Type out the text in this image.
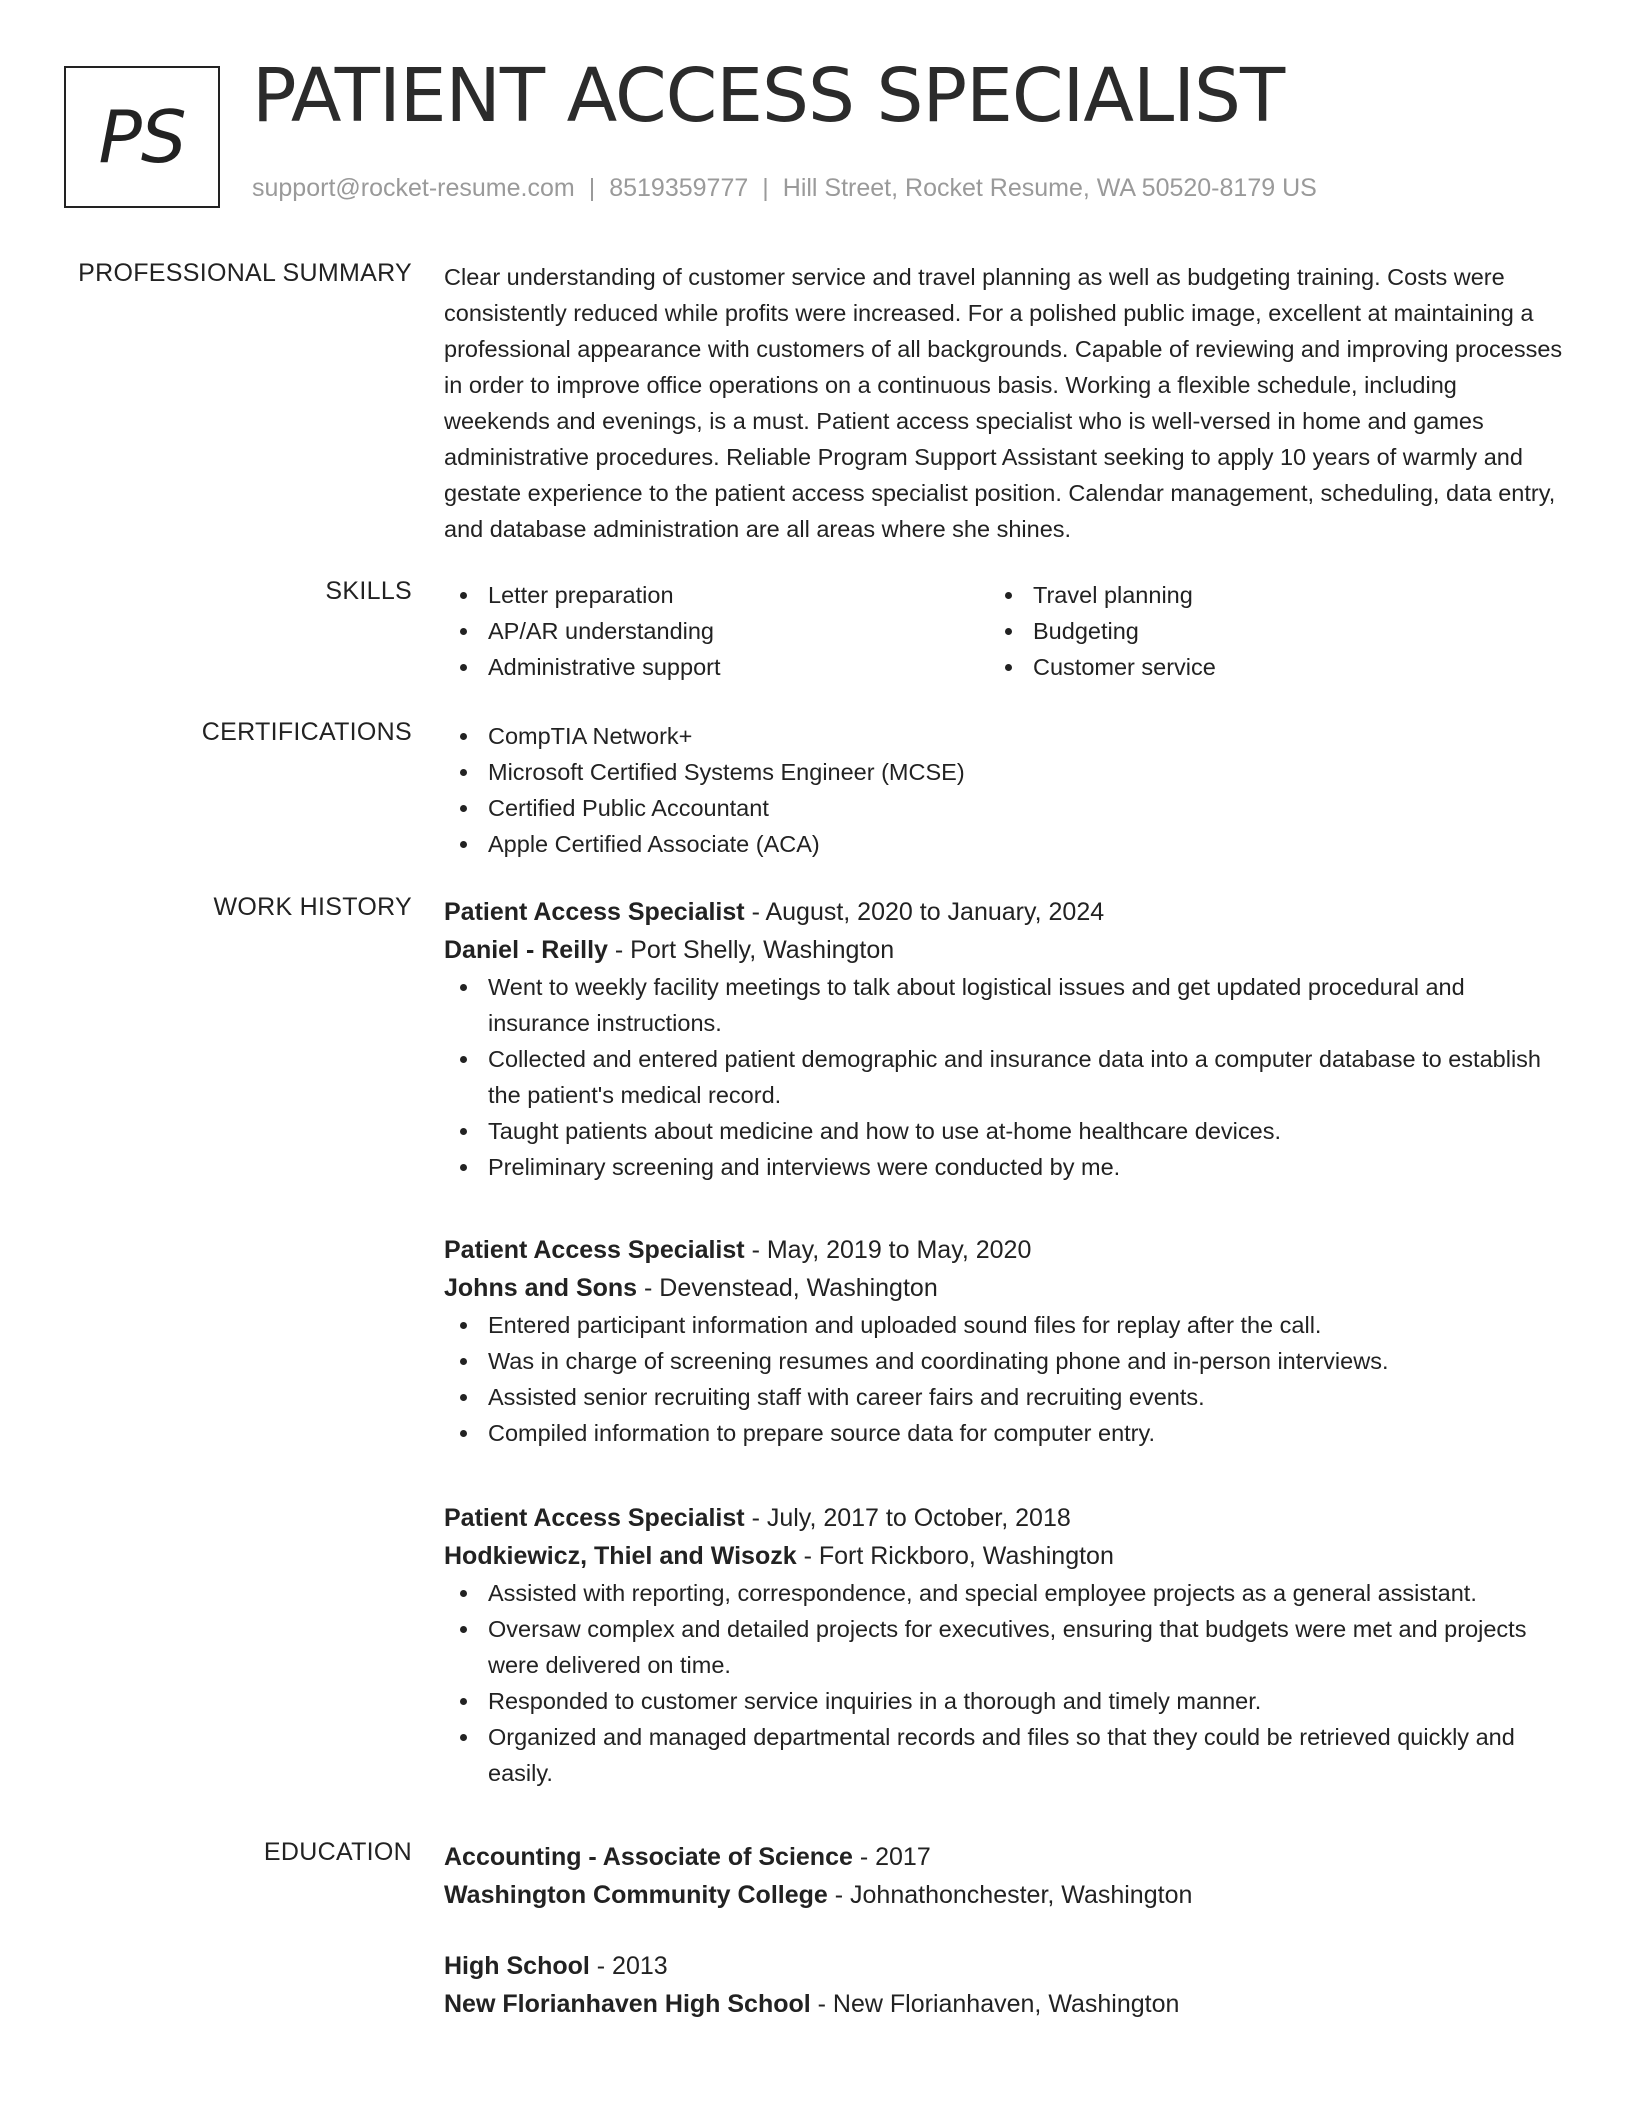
PS PATIENT ACCESS SPECIALIST
support@rocket-resume.com | 8519359777 | Hill Street, Rocket Resume, WA 50520-8179 US
PROFESSIONAL SUMMARY Clear understanding of customer service and travel planning as well as budgeting training. Costs were consistently reduced while profits were increased. For a polished public image, excellent at maintaining a professional appearance with customers of all backgrounds. Capable of reviewing and improving processes in order to improve office operations on a continuous basis. Working a flexible schedule, including weekends and evenings, is a must. Patient access specialist who is well-versed in home and games administrative procedures. Reliable Program Support Assistant seeking to apply 10 years of warmly and gestate experience to the patient access specialist position. Calendar management, scheduling, data entry, and database administration are all areas where she shines.

SKILLS	Letter preparation
AP/AR understanding
Administrative support
Travel planning
Budgeting
Customer service
CERTIFICATIONS	CompTIA Network+
Microsoft Certified Systems Engineer (MCSE)
Certified Public Accountant
Apple Certified Associate (ACA)
WORK HISTORY Patient Access Specialist - August, 2020 to January, 2024
Daniel - Reilly - Port Shelly, Washington
Went to weekly facility meetings to talk about logistical issues and get updated procedural and insurance instructions.
Collected and entered patient demographic and insurance data into a computer database to establish the patient's medical record.
Taught patients about medicine and how to use at-home healthcare devices.
Preliminary screening and interviews were conducted by me.
Patient Access Specialist - May, 2019 to May, 2020
Johns and Sons - Devenstead, Washington
Entered participant information and uploaded sound files for replay after the call.
Was in charge of screening resumes and coordinating phone and in-person interviews.
Assisted senior recruiting staff with career fairs and recruiting events.
Compiled information to prepare source data for computer entry.
Patient Access Specialist - July, 2017 to October, 2018
Hodkiewicz, Thiel and Wisozk - Fort Rickboro, Washington
Assisted with reporting, correspondence, and special employee projects as a general assistant.
Oversaw complex and detailed projects for executives, ensuring that budgets were met and projects were delivered on time.
Responded to customer service inquiries in a thorough and timely manner.
Organized and managed departmental records and files so that they could be retrieved quickly and easily.
EDUCATION Accounting - Associate of Science - 2017
Washington Community College - Johnathonchester, Washington
High School - 2013
New Florianhaven High School - New Florianhaven, Washington
